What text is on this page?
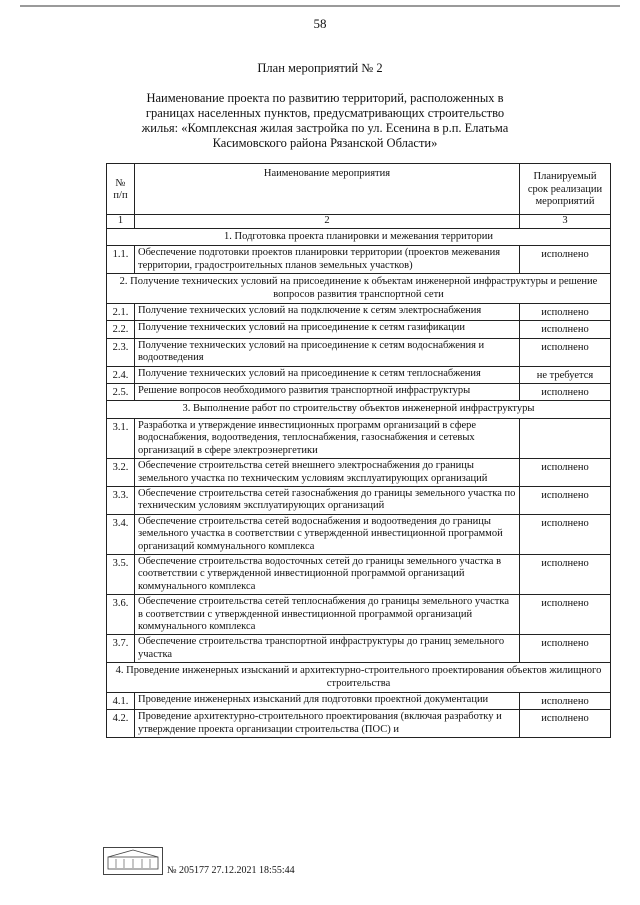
58
План мероприятий № 2
Наименование проекта по развитию территорий, расположенных в границах населенных пунктов, предусматривающих строительство жилья: «Комплексная жилая застройка по ул. Есенина в р.п. Елатьма Касимовского района Рязанской Области»
№ п/п	Наименование мероприятия	Планируемый срок реализации мероприятий
1	2	3
1. Подготовка проекта планировки и межевания территории		
1.1.	Обеспечение подготовки проектов планировки территории (проектов межевания территории, градостроительных планов земельных участков)	исполнено
2. Получение технических условий на присоединение к объектам инженерной инфраструктуры и решение вопросов развития транспортной сети		
2.1.	Получение технических условий на подключение к сетям электроснабжения	исполнено
2.2.	Получение технических условий на присоединение к сетям газификации	исполнено
2.3.	Получение технических условий на присоединение к сетям водоснабжения и водоотведения	исполнено
2.4.	Получение технических условий на присоединение к сетям теплоснабжения	не требуется
2.5.	Решение вопросов необходимого развития транспортной инфраструктуры	исполнено
3. Выполнение работ по строительству объектов инженерной инфраструктуры		
3.1.	Разработка и утверждение инвестиционных программ организаций в сфере водоснабжения, водоотведения, теплоснабжения, газоснабжения и сетевых организаций в сфере электроэнергетики	
3.2.	Обеспечение строительства сетей внешнего электроснабжения до границы земельного участка по техническим условиям эксплуатирующих организаций	исполнено
3.3.	Обеспечение строительства сетей газоснабжения до границы земельного участка по техническим условиям эксплуатирующих организаций	исполнено
3.4.	Обеспечение строительства сетей водоснабжения и водоотведения до границы земельного участка в соответствии с утвержденной инвестиционной программой организаций коммунального комплекса	исполнено
3.5.	Обеспечение строительства водосточных сетей до границы земельного участка в соответствии с утвержденной инвестиционной программой организаций коммунального комплекса	исполнено
3.6.	Обеспечение строительства сетей теплоснабжения до границы земельного участка в соответствии с утвержденной инвестиционной программой организаций коммунального комплекса	исполнено
3.7.	Обеспечение строительства транспортной инфраструктуры до границ земельного участка	исполнено
4. Проведение инженерных изысканий и архитектурно-строительного проектирования объектов жилищного строительства		
4.1.	Проведение инженерных изысканий для подготовки проектной документации	исполнено
4.2.	Проведение архитектурно-строительного проектирования (включая разработку и утверждение проекта организации строительства (ПОС) и	исполнено
№ 205177 27.12.2021 18:55:44
